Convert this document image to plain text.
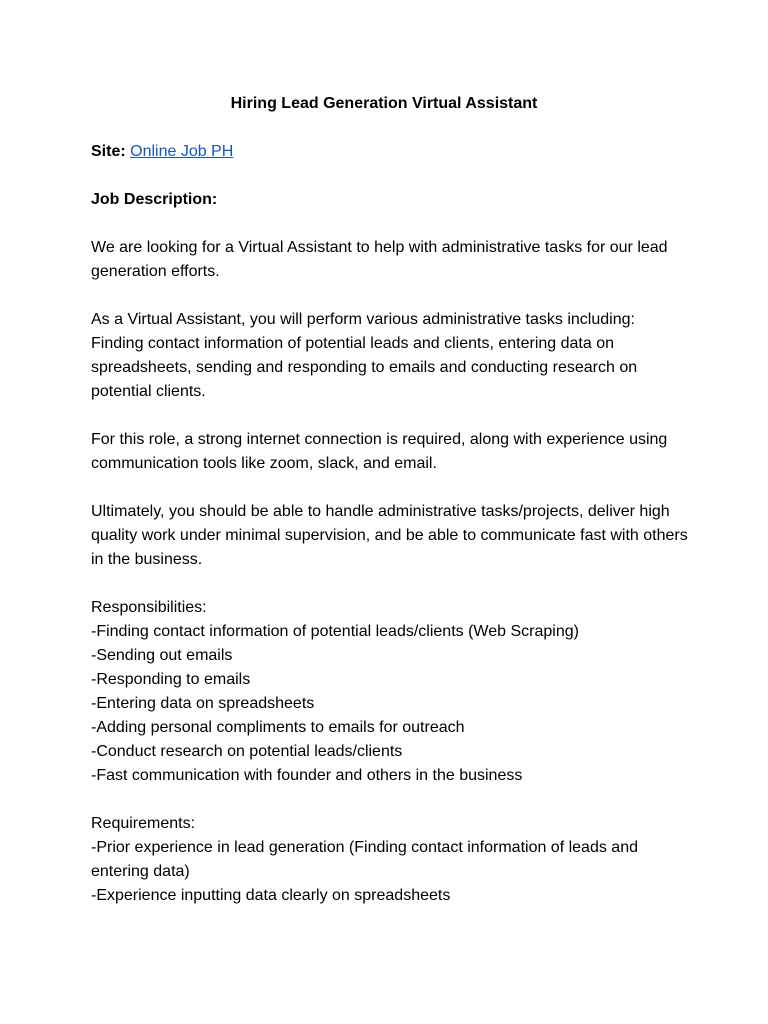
Hiring Lead Generation Virtual Assistant

Site: Online Job PH

Job Description:

We are looking for a Virtual Assistant to help with administrative tasks for our lead generation efforts.

As a Virtual Assistant, you will perform various administrative tasks including: Finding contact information of potential leads and clients, entering data on spreadsheets, sending and responding to emails and conducting research on potential clients.

For this role, a strong internet connection is required, along with experience using communication tools like zoom, slack, and email.

Ultimately, you should be able to handle administrative tasks/projects, deliver high quality work under minimal supervision, and be able to communicate fast with others in the business.

Responsibilities:
-Finding contact information of potential leads/clients (Web Scraping)
-Sending out emails
-Responding to emails
-Entering data on spreadsheets
-Adding personal compliments to emails for outreach
-Conduct research on potential leads/clients
-Fast communication with founder and others in the business

Requirements:
-Prior experience in lead generation (Finding contact information of leads and entering data)
-Experience inputting data clearly on spreadsheets
